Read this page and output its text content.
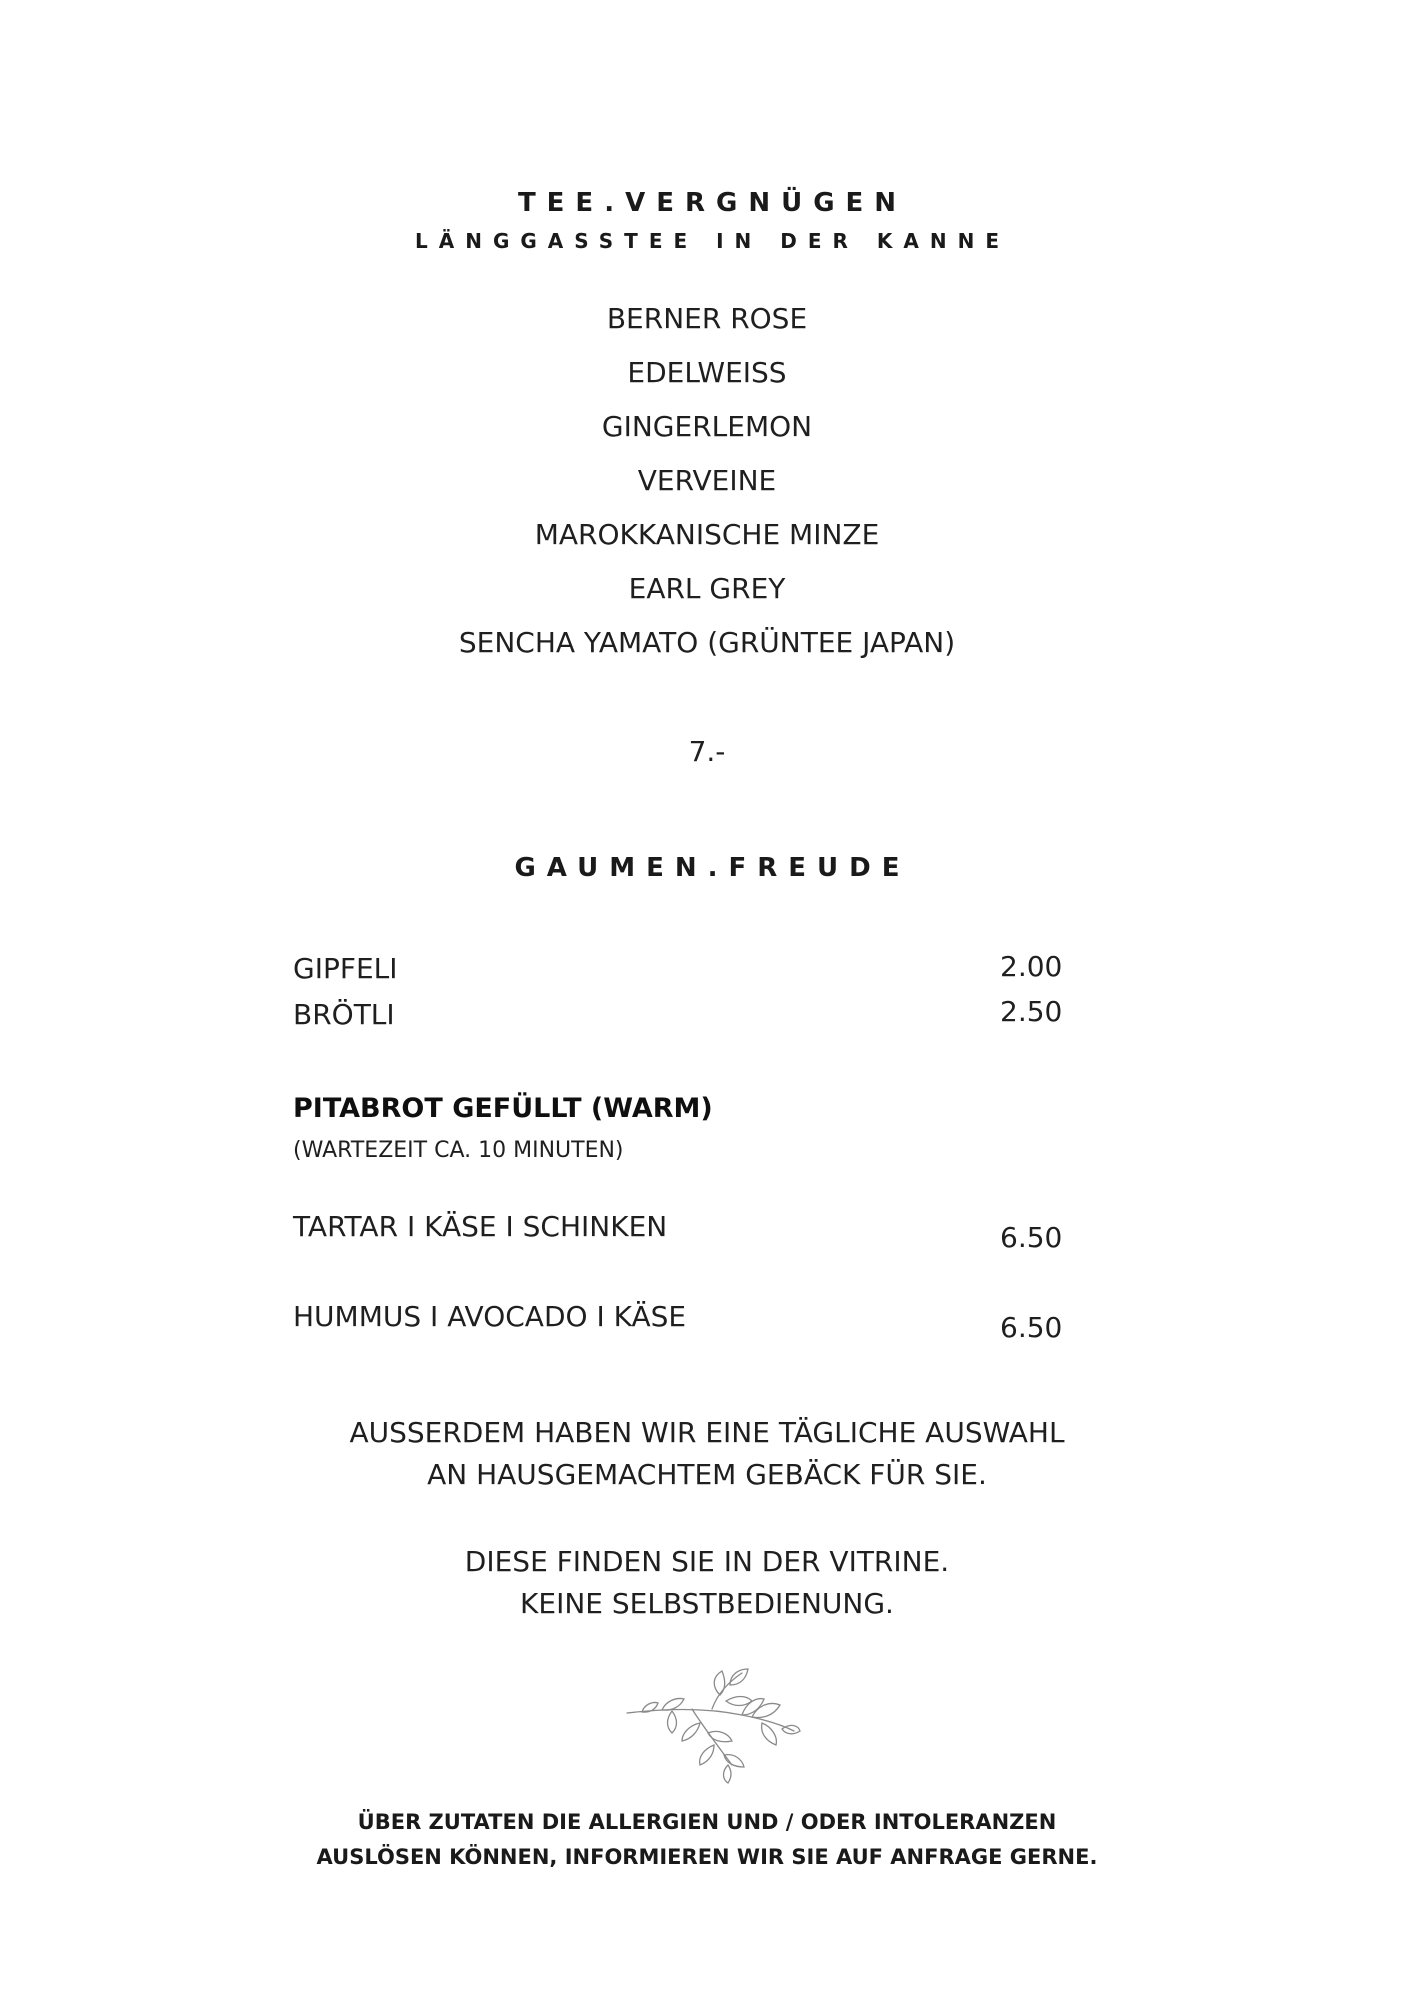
TEE.VERGNÜGEN
LÄNGGASSTEE IN DER KANNE
BERNER ROSE
EDELWEISS
GINGERLEMON
VERVEINE
MAROKKANISCHE MINZE
EARL GREY
SENCHA YAMATO (GRÜNTEE JAPAN)
7.-
GAUMEN.FREUDE
GIPFELI	2.00
BRÖTLI	2.50
PITABROT GEFÜLLT (WARM)
(WARTEZEIT CA. 10 MINUTEN)
TARTAR I KÄSE I SCHINKEN	6.50
HUMMUS I AVOCADO I KÄSE	6.50
AUSSERDEM HABEN WIR EINE TÄGLICHE AUSWAHL
AN HAUSGEMACHTEM GEBÄCK FÜR SIE.
DIESE FINDEN SIE IN DER VITRINE.
KEINE SELBSTBEDIENUNG.
ÜBER ZUTATEN DIE ALLERGIEN UND / ODER INTOLERANZEN
AUSLÖSEN KÖNNEN, INFORMIEREN WIR SIE AUF ANFRAGE GERNE.
